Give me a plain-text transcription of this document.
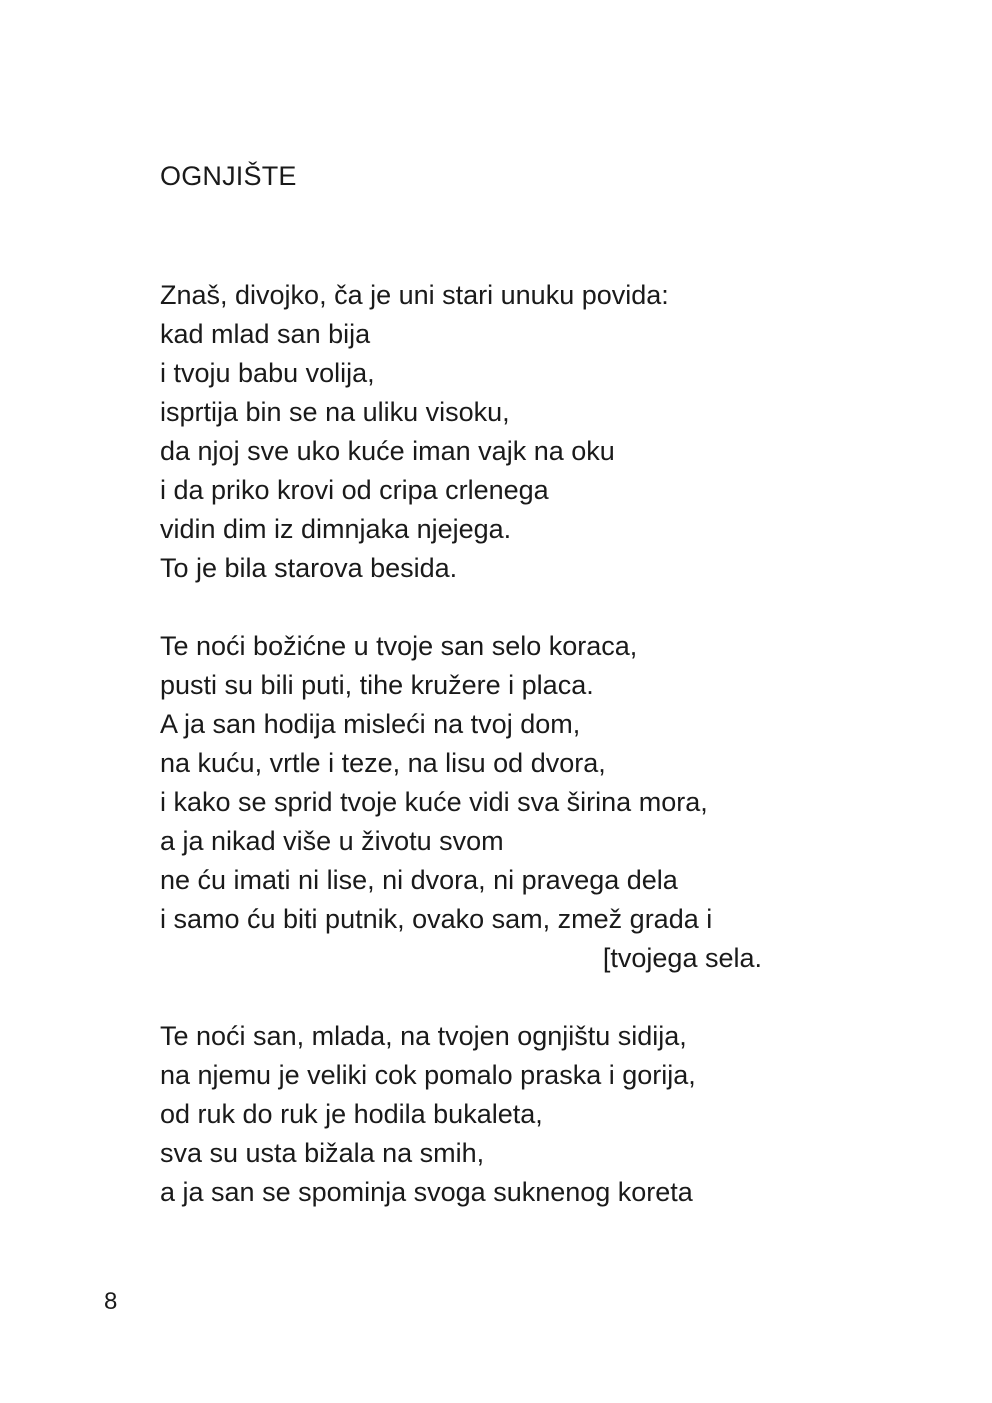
OGNJIŠTE
Znaš, divojko, ča je uni stari unuku povida:
kad mlad san bija
i tvoju babu volija,
isprtija bin se na uliku visoku,
da njoj sve uko kuće iman vajk na oku
i da priko krovi od cripa crlenega
vidin dim iz dimnjaka njejega.
To je bila starova besida.
Te noći božićne u tvoje san selo koraca,
pusti su bili puti, tihe kružere i placa.
A ja san hodija misleći na tvoj dom,
na kuću, vrtle i teze, na lisu od dvora,
i kako se sprid tvoje kuće vidi sva širina mora,
a ja nikad više u životu svom
ne ću imati ni lise, ni dvora, ni pravega dela
i samo ću biti putnik, ovako sam, zmež grada i
[tvojega sela.
Te noći san, mlada, na tvojen ognjištu sidija,
na njemu je veliki cok pomalo praska i gorija,
od ruk do ruk je hodila bukaleta,
sva su usta bižala na smih,
a ja san se spominja svoga suknenog koreta
8
